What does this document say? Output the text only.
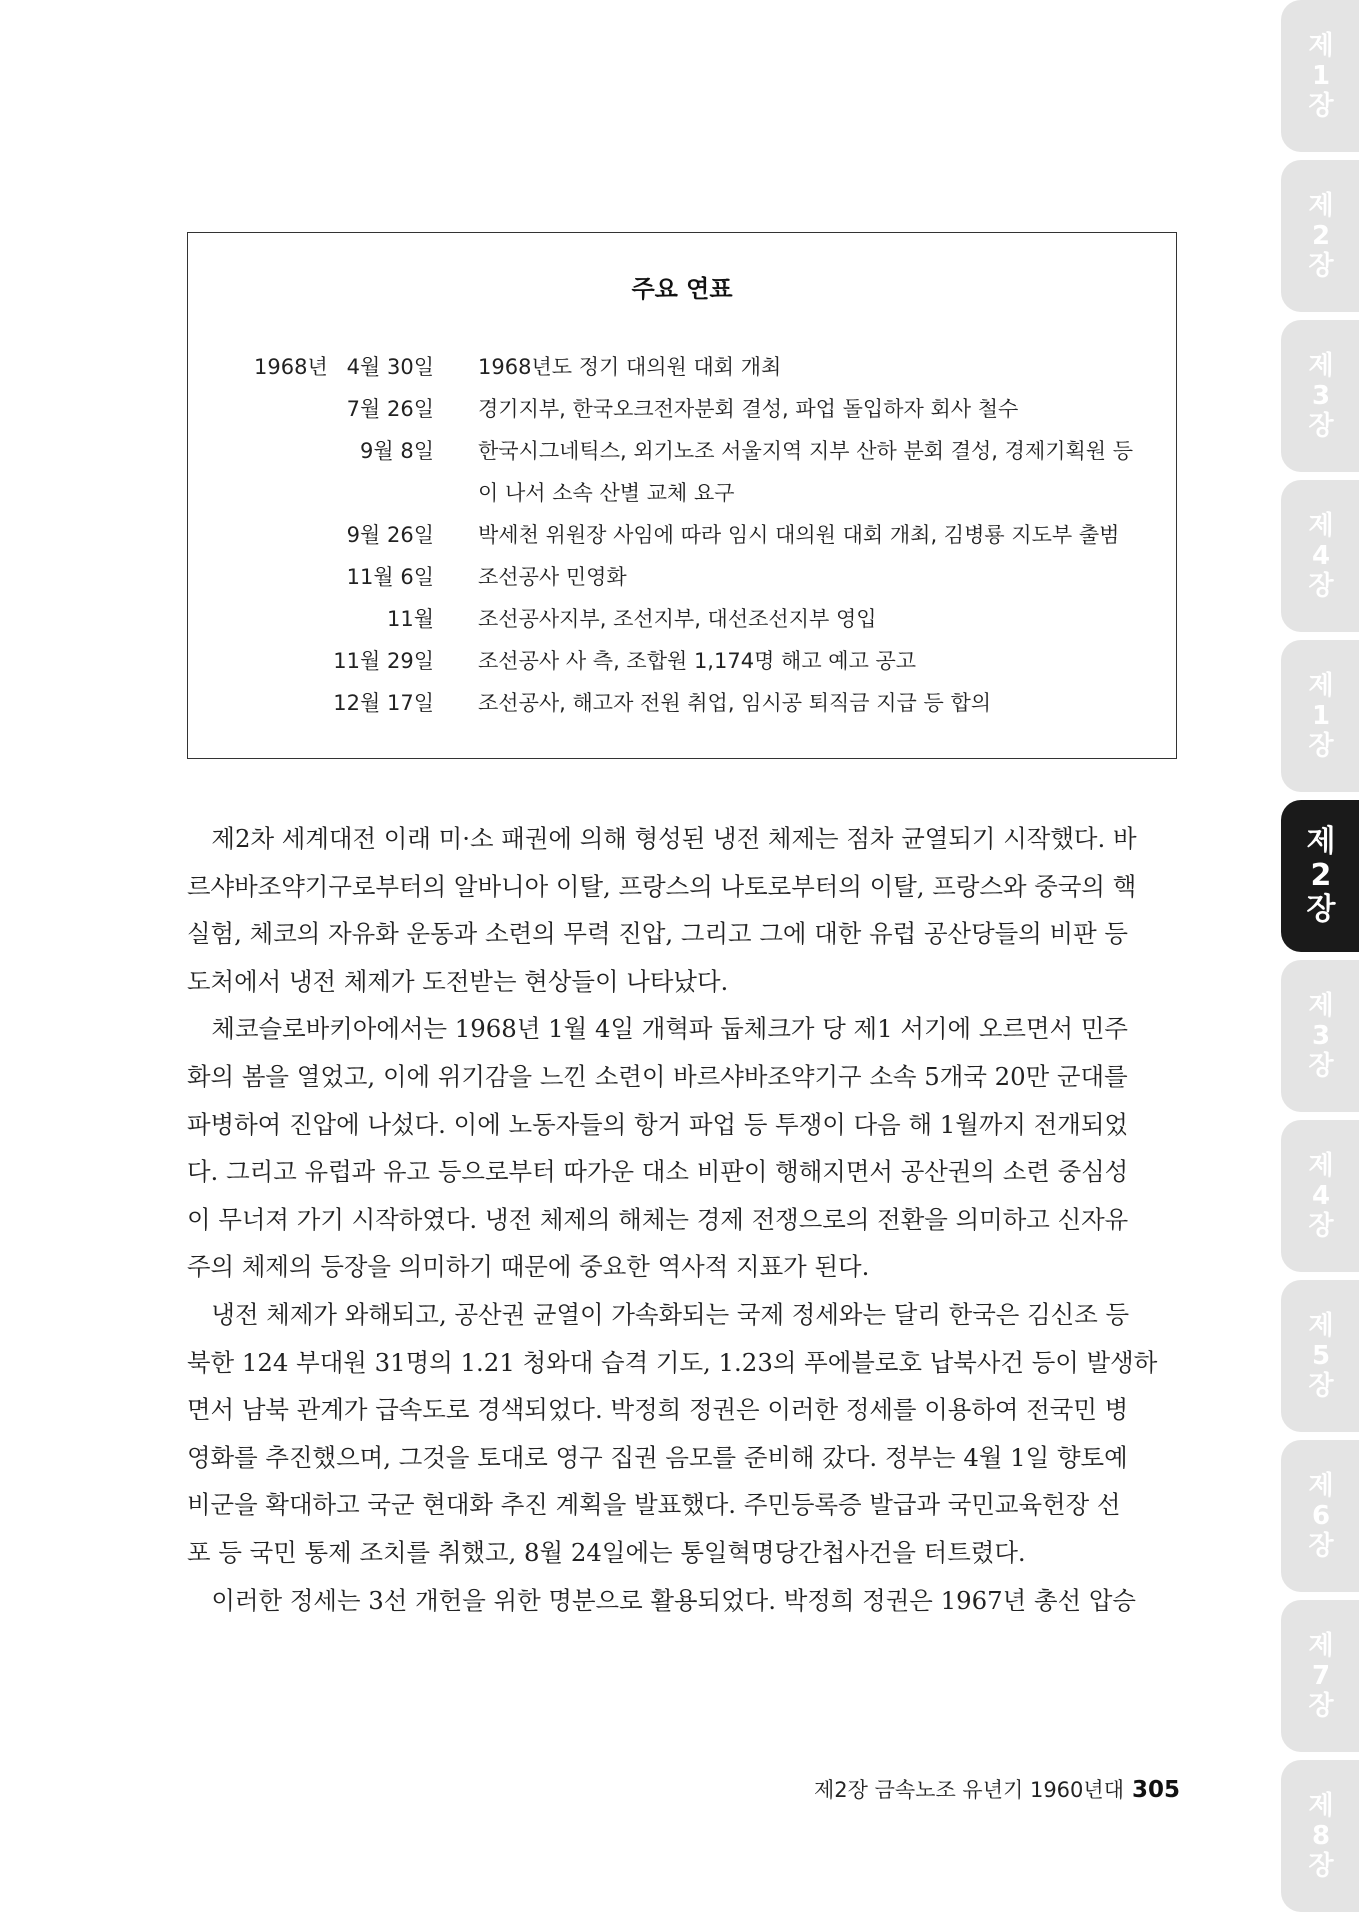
주요 연표
1968년 4월 30일 1968년도 정기 대의원 대회 개최
7월 26일 경기지부, 한국오크전자분회 결성, 파업 돌입하자 회사 철수
9월 8일 한국시그네틱스, 외기노조 서울지역 지부 산하 분회 결성, 경제기획원 등
이 나서 소속 산별 교체 요구
9월 26일 박세천 위원장 사임에 따라 임시 대의원 대회 개최, 김병룡 지도부 출범
11월 6일 조선공사 민영화
11월 조선공사지부, 조선지부, 대선조선지부 영입
11월 29일 조선공사 사 측, 조합원 1,174명 해고 예고 공고
12월 17일 조선공사, 해고자 전원 취업, 임시공 퇴직금 지급 등 합의
　제2차 세계대전 이래 미·소 패권에 의해 형성된 냉전 체제는 점차 균열되기 시작했다. 바
르샤바조약기구로부터의 알바니아 이탈, 프랑스의 나토로부터의 이탈, 프랑스와 중국의 핵
실험, 체코의 자유화 운동과 소련의 무력 진압, 그리고 그에 대한 유럽 공산당들의 비판 등
도처에서 냉전 체제가 도전받는 현상들이 나타났다.
　체코슬로바키아에서는 1968년 1월 4일 개혁파 둡체크가 당 제1 서기에 오르면서 민주
화의 봄을 열었고, 이에 위기감을 느낀 소련이 바르샤바조약기구 소속 5개국 20만 군대를
파병하여 진압에 나섰다. 이에 노동자들의 항거 파업 등 투쟁이 다음 해 1월까지 전개되었
다. 그리고 유럽과 유고 등으로부터 따가운 대소 비판이 행해지면서 공산권의 소련 중심성
이 무너져 가기 시작하였다. 냉전 체제의 해체는 경제 전쟁으로의 전환을 의미하고 신자유
주의 체제의 등장을 의미하기 때문에 중요한 역사적 지표가 된다.
　냉전 체제가 와해되고, 공산권 균열이 가속화되는 국제 정세와는 달리 한국은 김신조 등
북한 124 부대원 31명의 1.21 청와대 습격 기도, 1.23의 푸에블로호 납북사건 등이 발생하
면서 남북 관계가 급속도로 경색되었다. 박정희 정권은 이러한 정세를 이용하여 전국민 병
영화를 추진했으며, 그것을 토대로 영구 집권 음모를 준비해 갔다. 정부는 4월 1일 향토예
비군을 확대하고 국군 현대화 추진 계획을 발표했다. 주민등록증 발급과 국민교육헌장 선
포 등 국민 통제 조치를 취했고, 8월 24일에는 통일혁명당간첩사건을 터트렸다.
　이러한 정세는 3선 개헌을 위한 명분으로 활용되었다. 박정희 정권은 1967년 총선 압승
제2장 금속노조 유년기 1960년대 305
제
1
장
제
2
장
제
3
장
제
4
장
제
1
장
제
2
장
제
3
장
제
4
장
제
5
장
제
6
장
제
7
장
제
8
장
